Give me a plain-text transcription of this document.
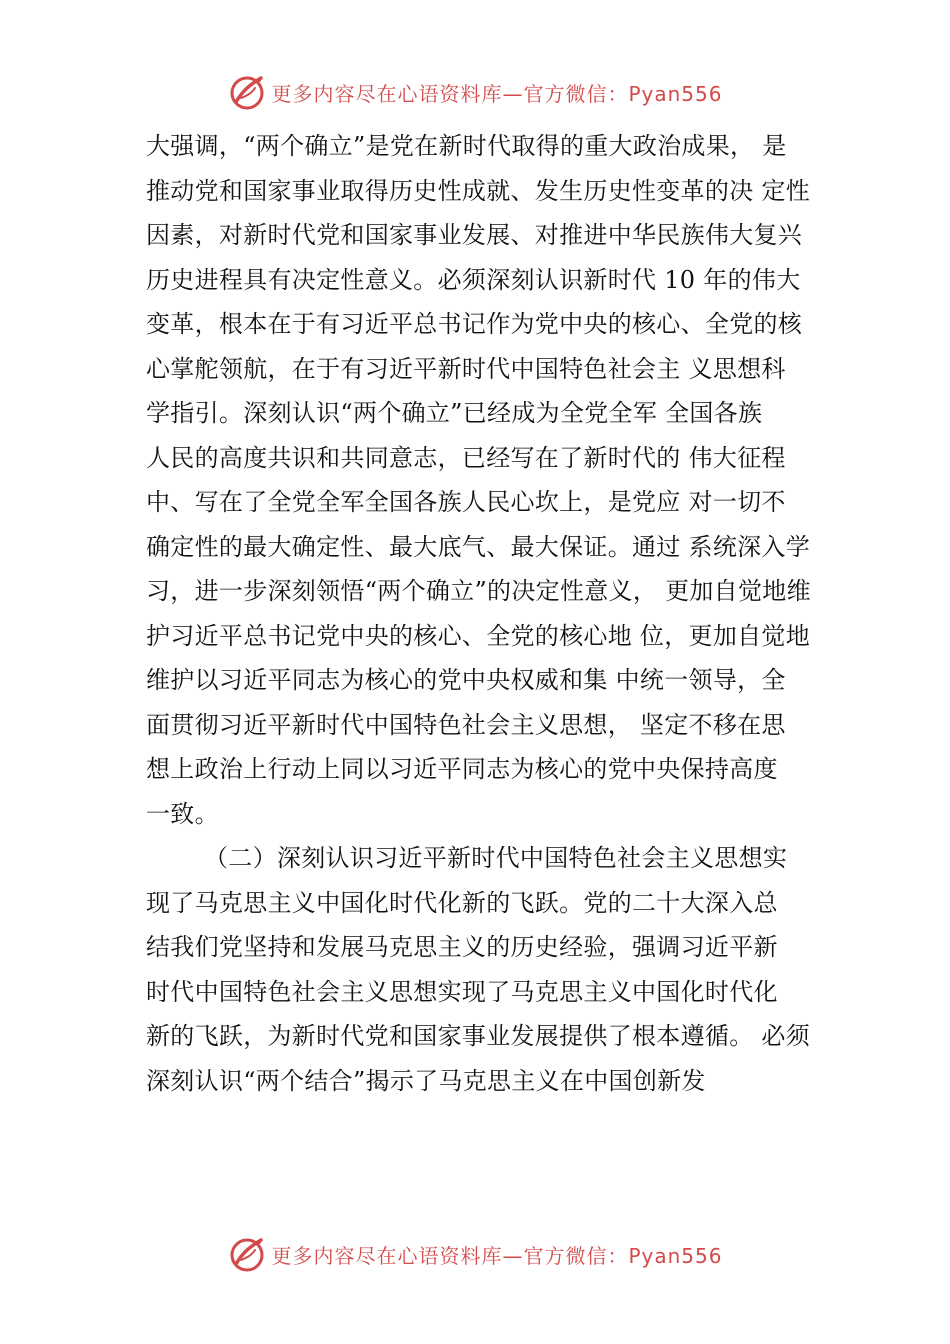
更多内容尽在心语资料库—官方微信：Pyan556
大强调，“两个确立”是党在新时代取得的重大政治成果， 是
推动党和国家事业取得历史性成就、发生历史性变革的决 定性
因素，对新时代党和国家事业发展、对推进中华民族伟大复兴
历史进程具有决定性意义。必须深刻认识新时代 10 年的伟大
变革，根本在于有习近平总书记作为党中央的核心、全党的核
心掌舵领航，在于有习近平新时代中国特色社会主 义思想科
学指引。深刻认识“两个确立”已经成为全党全军 全国各族
人民的高度共识和共同意志，已经写在了新时代的 伟大征程
中、写在了全党全军全国各族人民心坎上，是党应 对一切不
确定性的最大确定性、最大底气、最大保证。通过 系统深入学
习，进一步深刻领悟“两个确立”的决定性意义， 更加自觉地维
护习近平总书记党中央的核心、全党的核心地 位，更加自觉地
维护以习近平同志为核心的党中央权威和集 中统一领导，全
面贯彻习近平新时代中国特色社会主义思想， 坚定不移在思
想上政治上行动上同以习近平同志为核心的党中央保持高度
一致。
（二）深刻认识习近平新时代中国特色社会主义思想实
现了马克思主义中国化时代化新的飞跃。党的二十大深入总
结我们党坚持和发展马克思主义的历史经验，强调习近平新
时代中国特色社会主义思想实现了马克思主义中国化时代化
新的飞跃，为新时代党和国家事业发展提供了根本遵循。 必须
深刻认识“两个结合”揭示了马克思主义在中国创新发
更多内容尽在心语资料库—官方微信：Pyan556
